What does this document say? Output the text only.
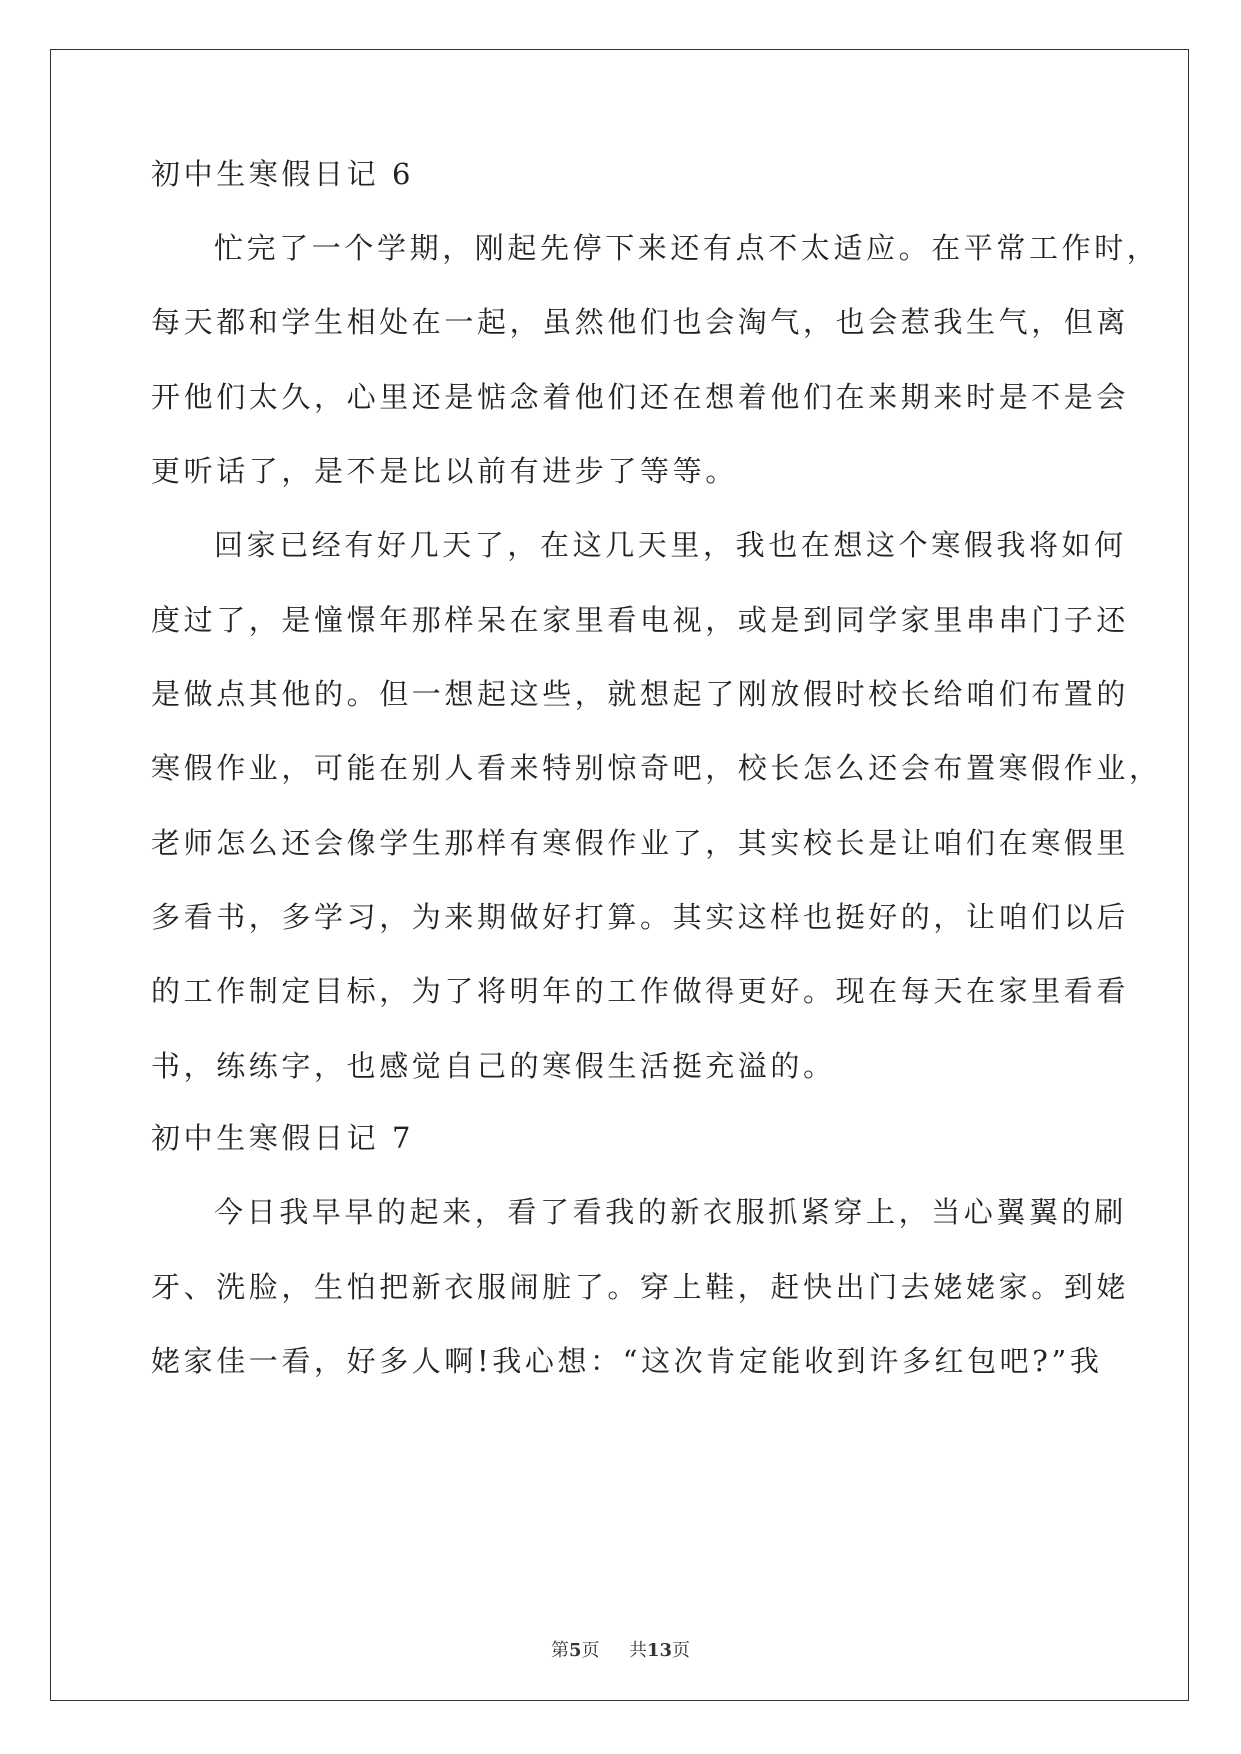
初中生寒假日记 6

忙完了一个学期，刚起先停下来还有点不太适应。在平常工作时，

每天都和学生相处在一起，虽然他们也会淘气，也会惹我生气，但离

开他们太久，心里还是惦念着他们还在想着他们在来期来时是不是会

更听话了，是不是比以前有进步了等等。

回家已经有好几天了，在这几天里，我也在想这个寒假我将如何

度过了，是憧憬年那样呆在家里看电视，或是到同学家里串串门子还

是做点其他的。但一想起这些，就想起了刚放假时校长给咱们布置的

寒假作业，可能在别人看来特别惊奇吧，校长怎么还会布置寒假作业，

老师怎么还会像学生那样有寒假作业了，其实校长是让咱们在寒假里

多看书，多学习，为来期做好打算。其实这样也挺好的，让咱们以后

的工作制定目标，为了将明年的工作做得更好。现在每天在家里看看

书，练练字，也感觉自己的寒假生活挺充溢的。

初中生寒假日记 7

今日我早早的起来，看了看我的新衣服抓紧穿上，当心翼翼的刷

牙、洗脸，生怕把新衣服闹脏了。穿上鞋，赶快出门去姥姥家。到姥

姥家佳一看，好多人啊!我心想：“这次肯定能收到许多红包吧?”我

第5页 共13页
